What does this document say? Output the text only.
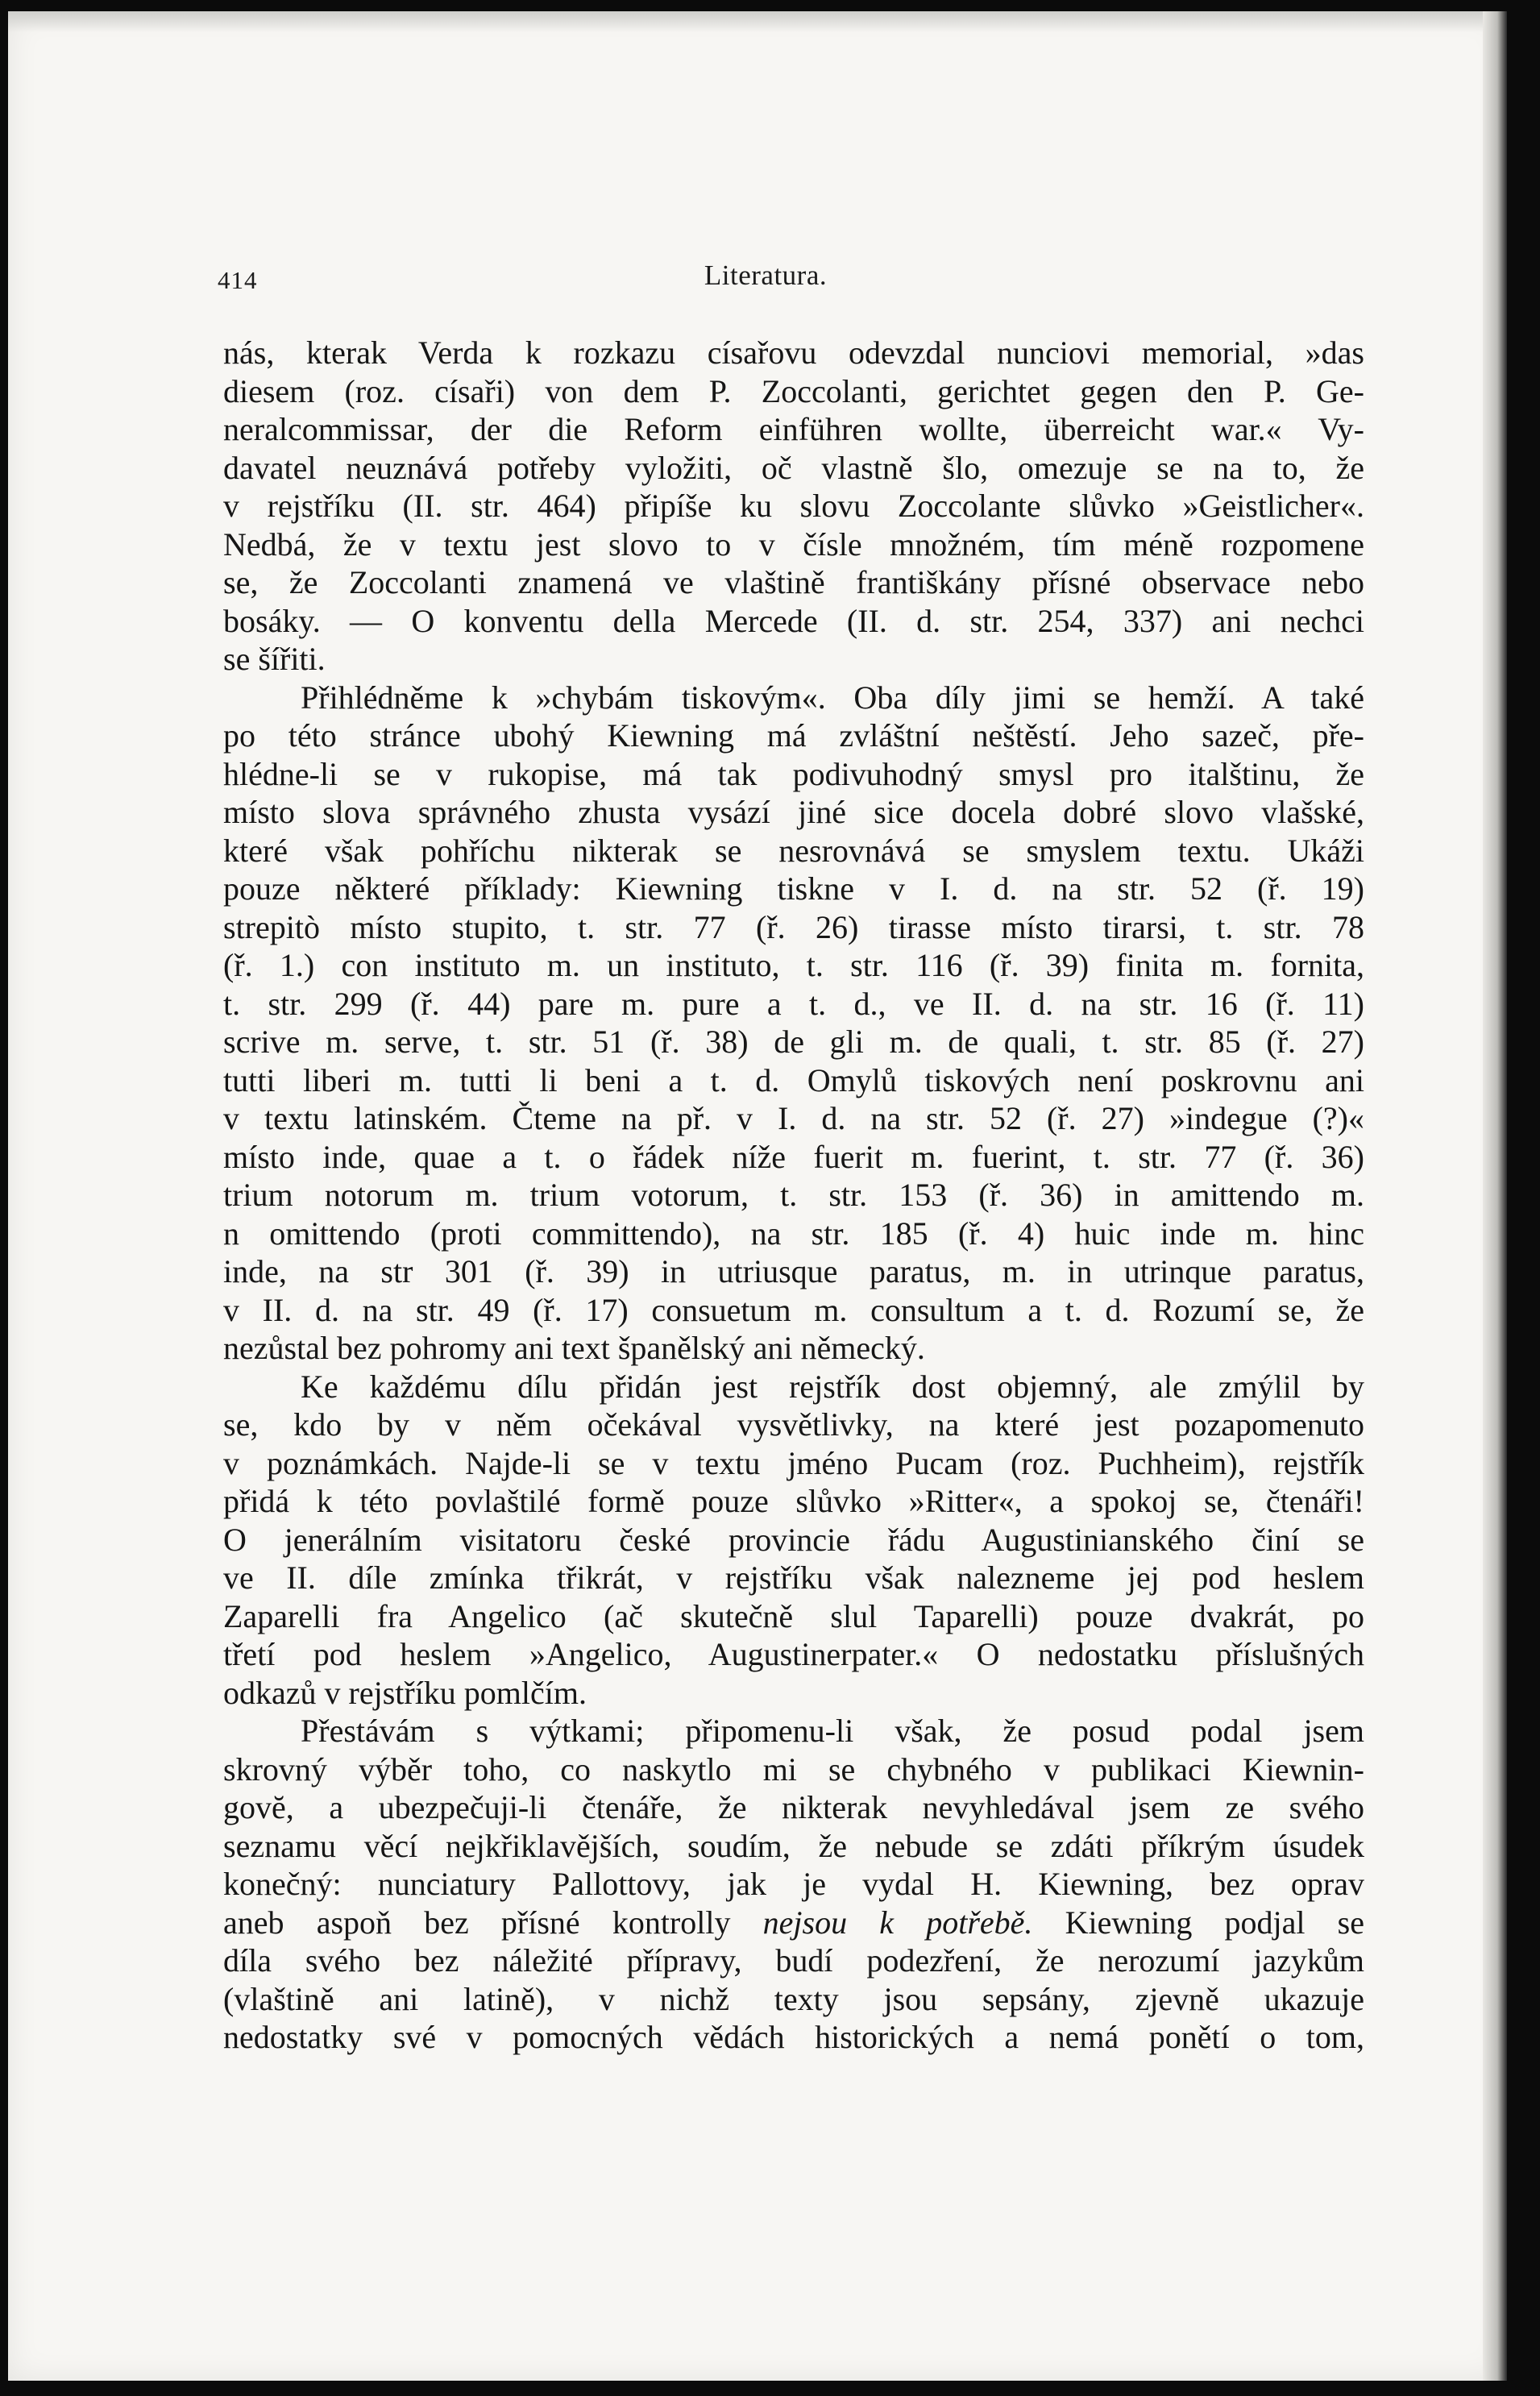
414	Literatura.
nás, kterak Verda k rozkazu císařovu odevzdal nunciovi memorial, »das
diesem (roz. císaři) von dem P. Zoccolanti, gerichtet gegen den P. Ge-
neralcommissar, der die Reform einführen wollte, überreicht war.« Vy-
davatel neuznává potřeby vyložiti, oč vlastně šlo, omezuje se na to, že
v rejstříku (II. str. 464) připíše ku slovu Zoccolante slůvko »Geistlicher«.
Nedbá, že v textu jest slovo to v čísle množném, tím méně rozpomene
se, že Zoccolanti znamená ve vlaštině františkány přísné observace nebo
bosáky. — O konventu della Mercede (II. d. str. 254, 337) ani nechci
se šířiti.
Přihlédněme k »chybám tiskovým«. Oba díly jimi se hemží. A také
po této stránce ubohý Kiewning má zvláštní neštěstí. Jeho sazeč, pře-
hlédne-li se v rukopise, má tak podivuhodný smysl pro italštinu, že
místo slova správného zhusta vysází jiné sice docela dobré slovo vlašské,
které však pohříchu nikterak se nesrovnává se smyslem textu. Ukáži
pouze některé příklady: Kiewning tiskne v I. d. na str. 52 (ř. 19)
strepitò místo stupito, t. str. 77 (ř. 26) tirasse místo tirarsi, t. str. 78
(ř. 1.) con instituto m. un instituto, t. str. 116 (ř. 39) finita m. fornita,
t. str. 299 (ř. 44) pare m. pure a t. d., ve II. d. na str. 16 (ř. 11)
scrive m. serve, t. str. 51 (ř. 38) de gli m. de quali, t. str. 85 (ř. 27)
tutti liberi m. tutti li beni a t. d. Omylů tiskových není poskrovnu ani
v textu latinském. Čteme na př. v I. d. na str. 52 (ř. 27) »indegue (?)«
místo inde, quae a t. o řádek níže fuerit m. fuerint, t. str. 77 (ř. 36)
trium notorum m. trium votorum, t. str. 153 (ř. 36) in amittendo m.
n omittendo (proti committendo), na str. 185 (ř. 4) huic inde m. hinc
inde, na str 301 (ř. 39) in utriusque paratus, m. in utrinque paratus,
v II. d. na str. 49 (ř. 17) consuetum m. consultum a t. d. Rozumí se, že
nezůstal bez pohromy ani text španělský ani německý.
Ke každému dílu přidán jest rejstřík dost objemný, ale zmýlil by
se, kdo by v něm očekával vysvětlivky, na které jest pozapomenuto
v poznámkách. Najde-li se v textu jméno Pucam (roz. Puchheim), rejstřík
přidá k této povlaštilé formě pouze slůvko »Ritter«, a spokoj se, čtenáři!
O jenerálním visitatoru české provincie řádu Augustinianského činí se
ve II. díle zmínka třikrát, v rejstříku však nalezneme jej pod heslem
Zaparelli fra Angelico (ač skutečně slul Taparelli) pouze dvakrát, po
třetí pod heslem »Angelico, Augustinerpater.« O nedostatku příslušných
odkazů v rejstříku pomlčím.
Přestávám s výtkami; připomenu-li však, že posud podal jsem
skrovný výběr toho, co naskytlo mi se chybného v publikaci Kiewnin-
govĕ, a ubezpečuji-li čtenáře, že nikterak nevyhledával jsem ze svého
seznamu věcí nejkřiklavějších, soudím, že nebude se zdáti příkrým úsudek
konečný: nunciatury Pallottovy, jak je vydal H. Kiewning, bez oprav
aneb aspoň bez přísné kontrolly nejsou k potřebě. Kiewning podjal se
díla svého bez náležité přípravy, budí podezření, že nerozumí jazykům
(vlaštině ani latině), v nichž texty jsou sepsány, zjevně ukazuje
nedostatky své v pomocných vědách historických a nemá ponětí o tom,
